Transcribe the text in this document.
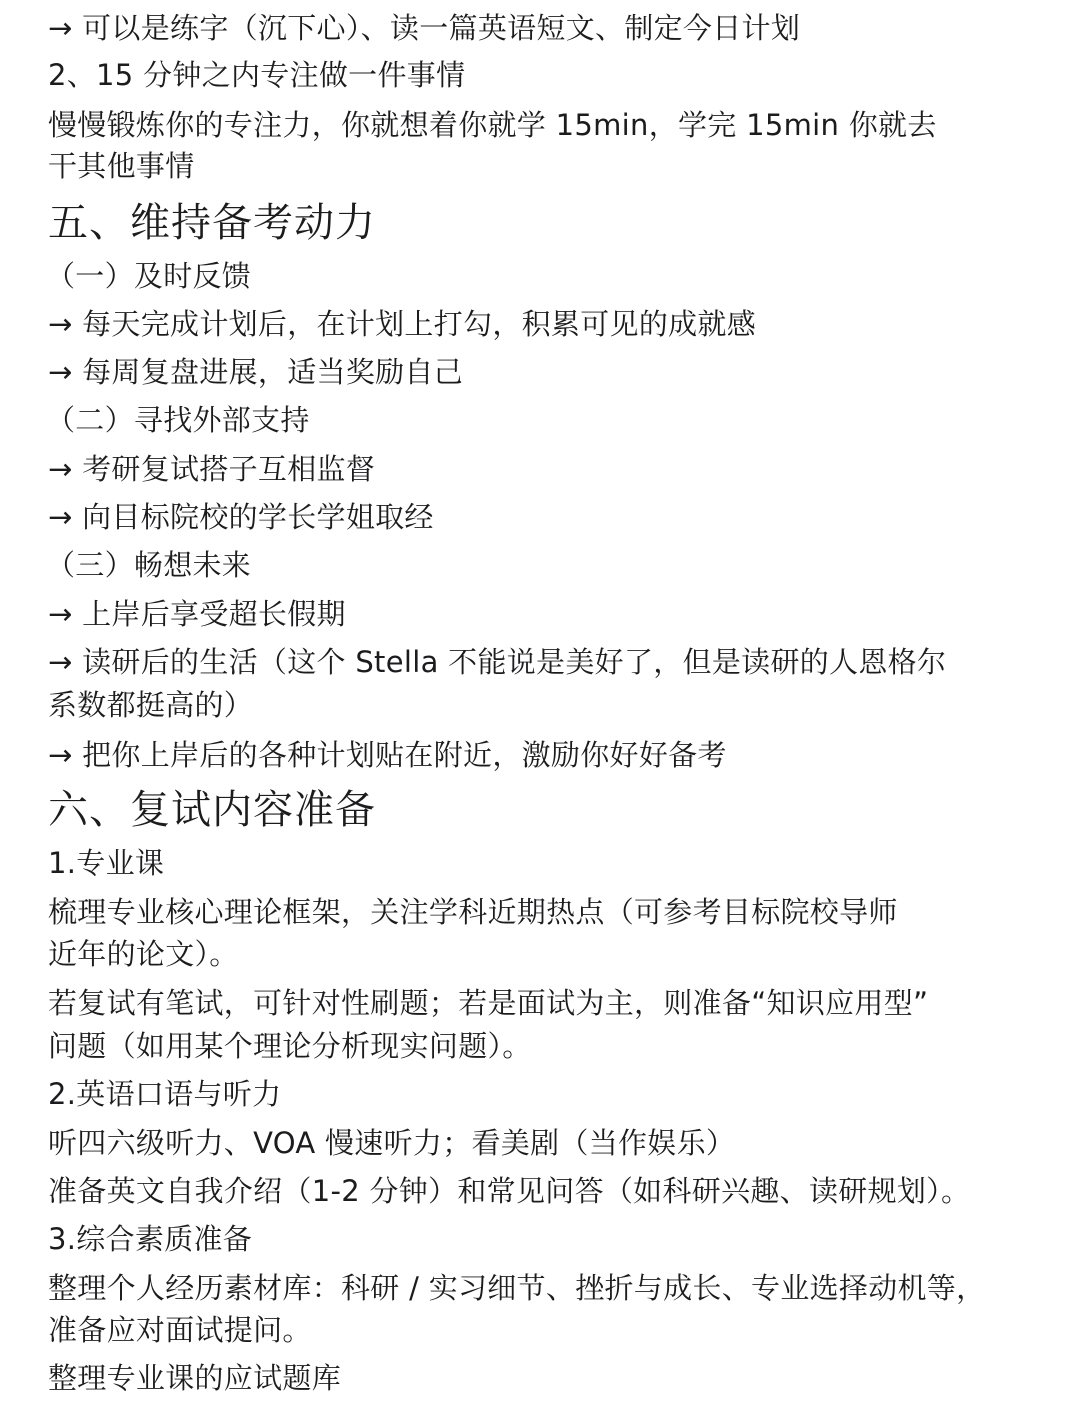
→ 可以是练字（沉下心）、读一篇英语短文、制定今日计划
2、15 分钟之内专注做一件事情
慢慢锻炼你的专注力，你就想着你就学 15min，学完 15min 你就去
干其他事情
五、维持备考动力
（一）及时反馈
→ 每天完成计划后，在计划上打勾，积累可见的成就感
→ 每周复盘进展，适当奖励自己
（二）寻找外部支持
→ 考研复试搭子互相监督
→ 向目标院校的学长学姐取经
（三）畅想未来
→ 上岸后享受超长假期
→ 读研后的生活（这个 Stella 不能说是美好了，但是读研的人恩格尔
系数都挺高的）
→ 把你上岸后的各种计划贴在附近，激励你好好备考
六、复试内容准备
1.专业课
梳理专业核心理论框架，关注学科近期热点（可参考目标院校导师
近年的论文）。
若复试有笔试，可针对性刷题；若是面试为主，则准备“知识应用型”
问题（如用某个理论分析现实问题）。
2.英语口语与听力
听四六级听力、VOA 慢速听力；看美剧（当作娱乐）
准备英文自我介绍（1-2 分钟）和常见问答（如科研兴趣、读研规划）。
3.综合素质准备
整理个人经历素材库：科研 / 实习细节、挫折与成长、专业选择动机等，
准备应对面试提问。
整理专业课的应试题库
